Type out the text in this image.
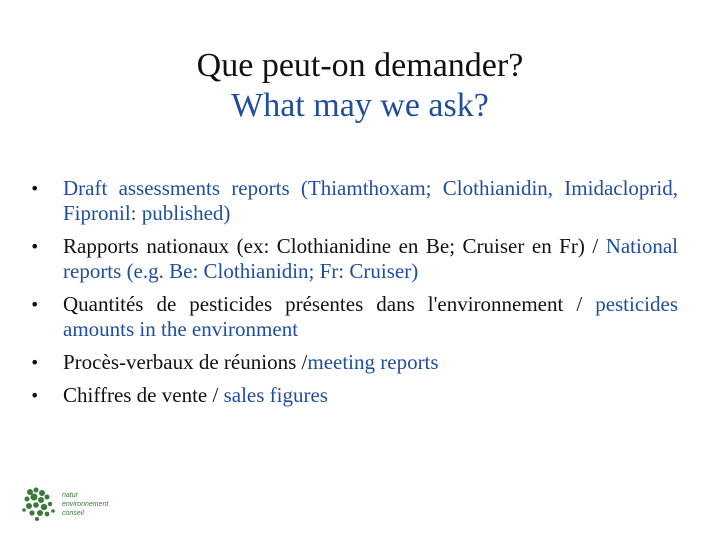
Que peut-on demander?
What may we ask?
• Draft assessments reports (Thiamthoxam; Clothianidin, Imidacloprid, Fipronil: published)
• Rapports nationaux (ex: Clothianidine en Be; Cruiser en Fr) / National reports (e.g. Be: Clothianidin; Fr: Cruiser)
• Quantités de pesticides présentes dans l'environnement / pesticides amounts in the environment
• Procès-verbaux de réunions /meeting reports
• Chiffres de vente / sales figures
natur
environnement
conseil
